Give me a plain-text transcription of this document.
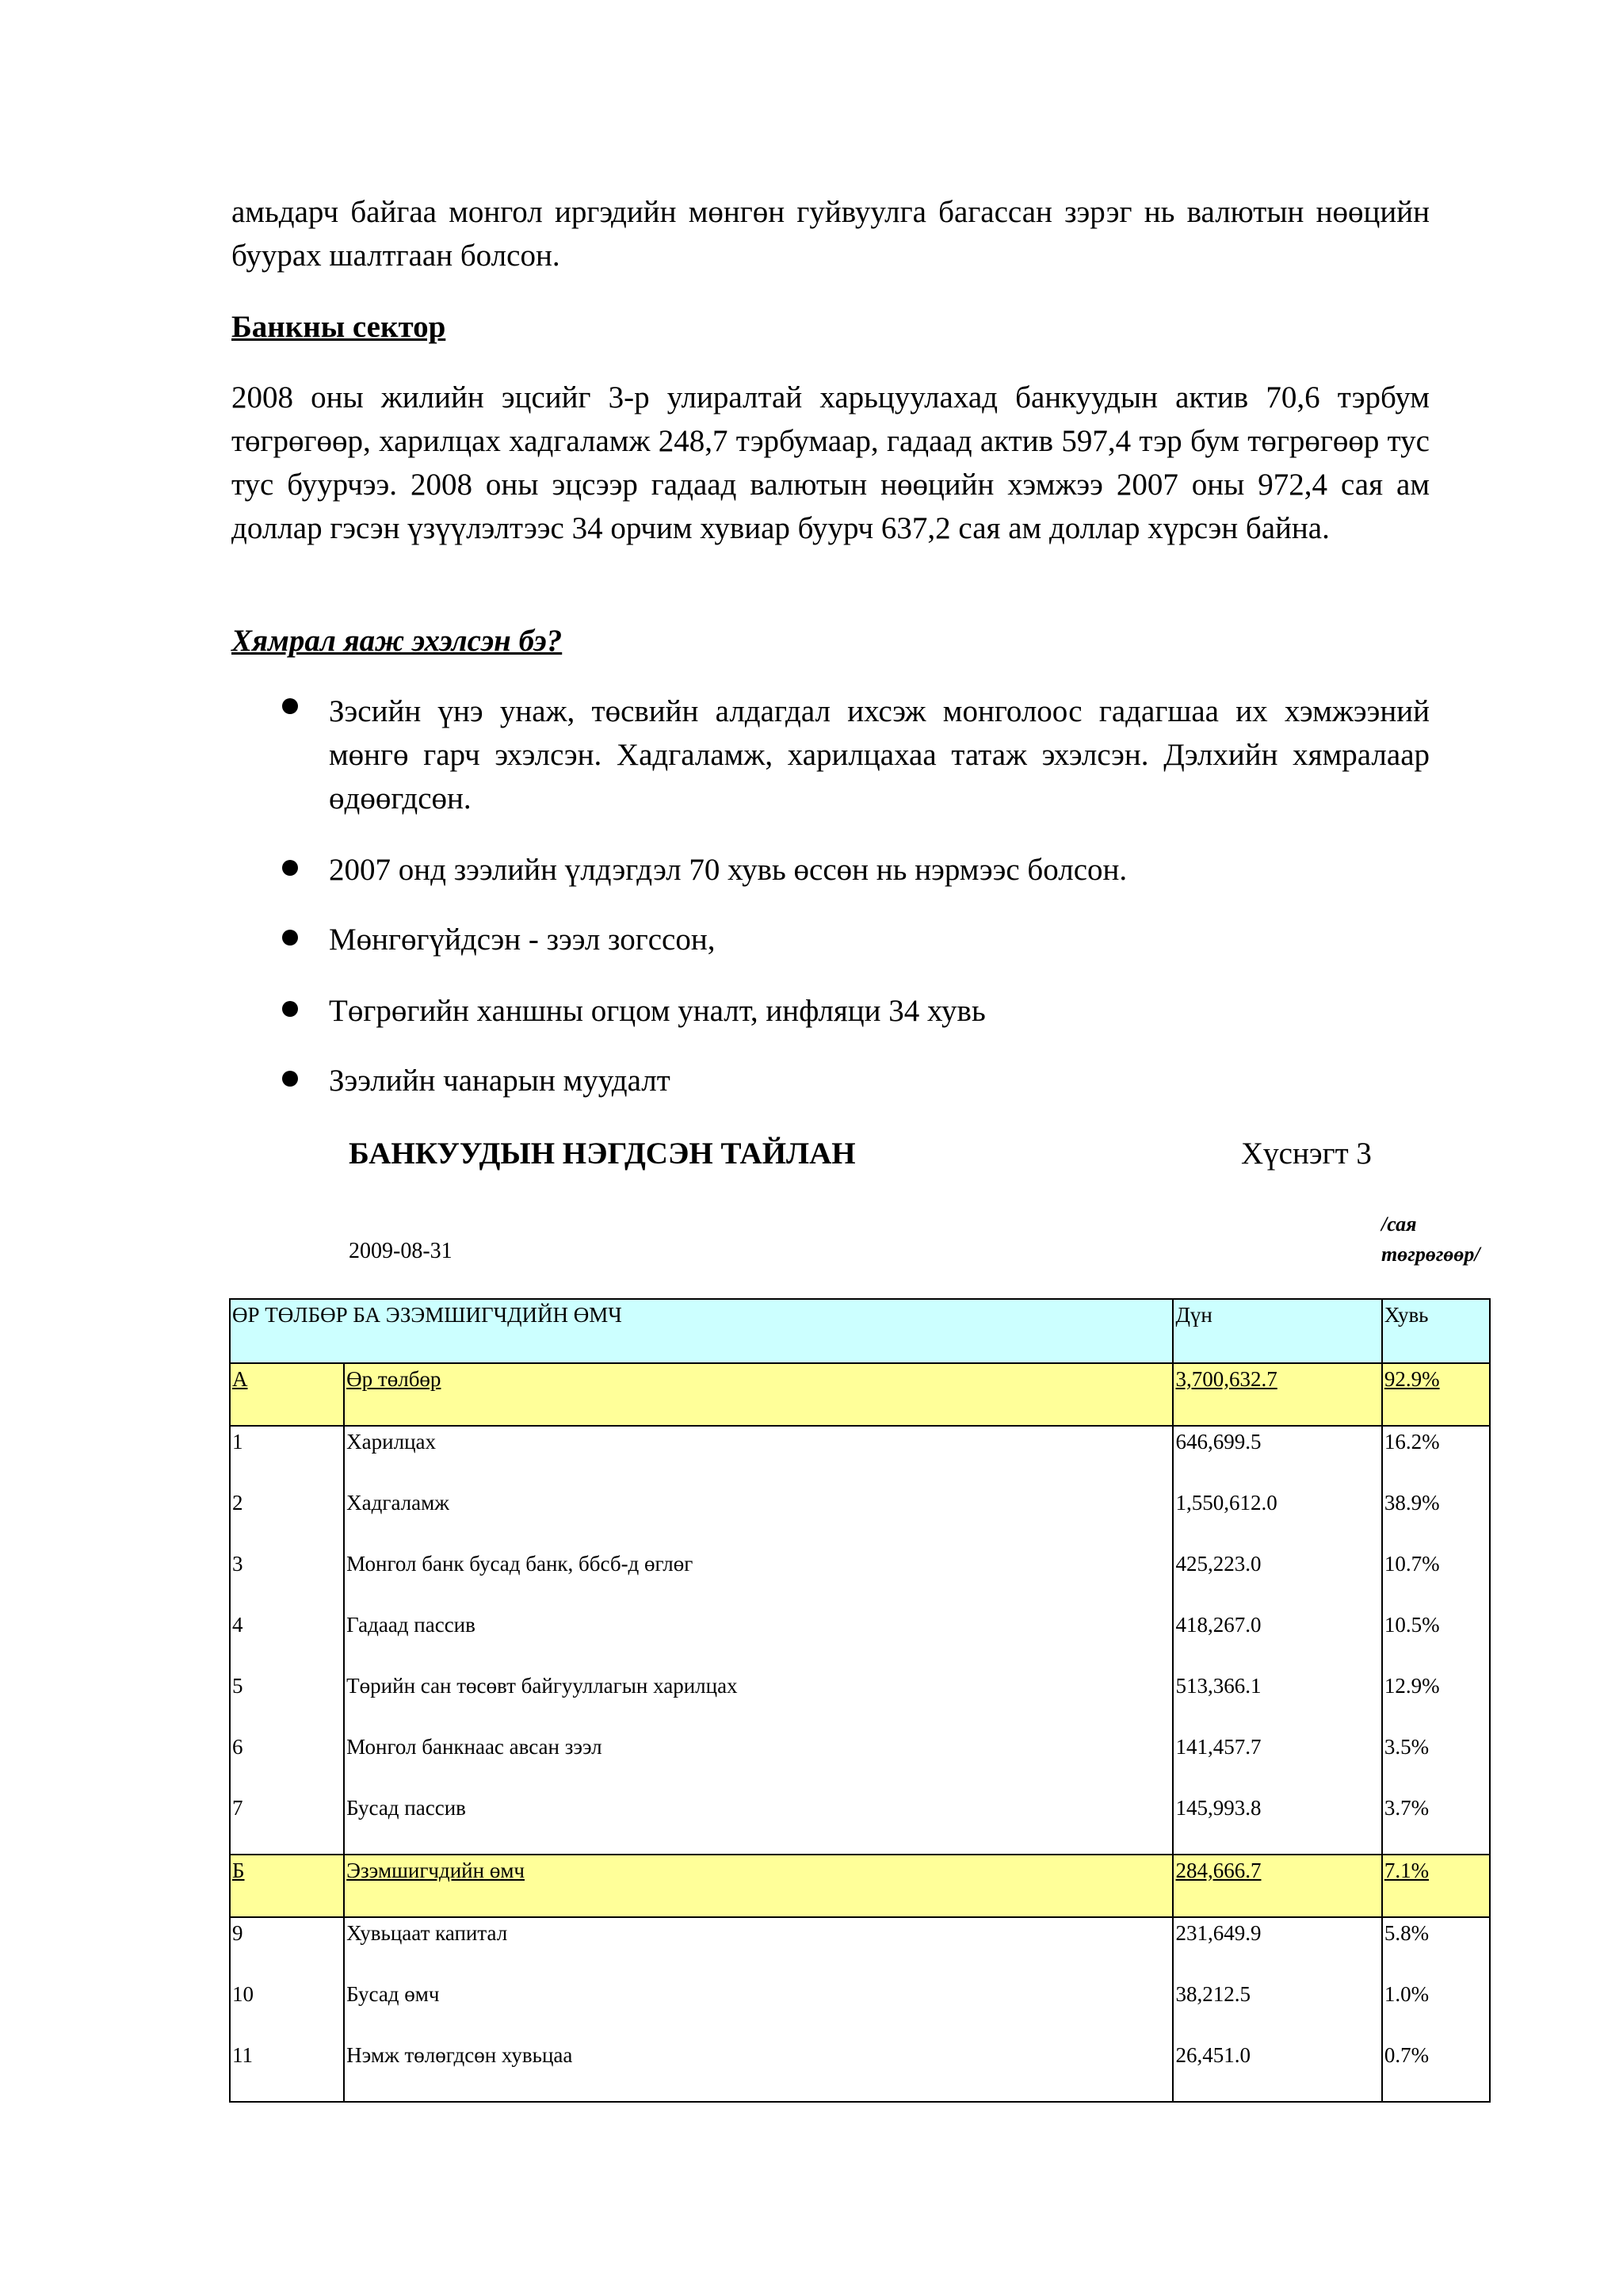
амьдарч байгаа монгол иргэдийн мөнгөн гуйвуулга багассан зэрэг нь валютын нөөцийн буурах шалтгаан болсон.

Банкны сектор

2008 оны жилийн эцсийг 3-р улиралтай харьцуулахад банкуудын актив 70,6 тэрбум төгрөгөөр, харилцах хадгаламж 248,7 тэрбумаар, гадаад актив 597,4 тэр бум төгрөгөөр тус тус буурчээ. 2008 оны эцсээр гадаад валютын нөөцийн хэмжээ 2007 оны 972,4 сая ам доллар гэсэн үзүүлэлтээс 34 орчим хувиар буурч 637,2 сая ам доллар хүрсэн байна.

Хямрал яаж эхэлсэн бэ?
Зэсийн үнэ унаж, төсвийн алдагдал ихсэж монголоос гадагшаа их хэмжээний мөнгө гарч эхэлсэн. Хадгаламж, харилцахаа татаж эхэлсэн. Дэлхийн хямралаар өдөөгдсөн.
2007 онд зээлийн үлдэгдэл 70 хувь өссөн нь нэрмээс болсон.
Мөнгөгүйдсэн - зээл зогссон,
Төгрөгийн ханшны огцом уналт, инфляци 34 хувь
Зээлийн чанарын муудалт
БАНКУУДЫН НЭГДСЭН ТАЙЛАН	Хүснэгт 3
2009-08-31
/сая төгрөгөөр/
ӨР ТӨЛБӨР БА ЭЗЭМШИГЧДИЙН ӨМЧ		Дүн	Хувь
А	Өр төлбөр	3,700,632.7	92.9%
1	Харилцах	646,699.5	16.2%
2	Хадгаламж	1,550,612.0	38.9%
3	Монгол банк бусад банк, ббсб-д өглөг	425,223.0	10.7%
4	Гадаад пассив	418,267.0	10.5%
5	Төрийн сан төсөвт байгууллагын харилцах	513,366.1	12.9%
6	Монгол банкнаас авсан зээл	141,457.7	3.5%
7	Бусад пассив	145,993.8	3.7%
Б	Эзэмшигчдийн өмч	284,666.7	7.1%
9	Хувьцаат капитал	231,649.9	5.8%
10	Бусад өмч	38,212.5	1.0%
11	Нэмж төлөгдсөн хувьцаа	26,451.0	0.7%
